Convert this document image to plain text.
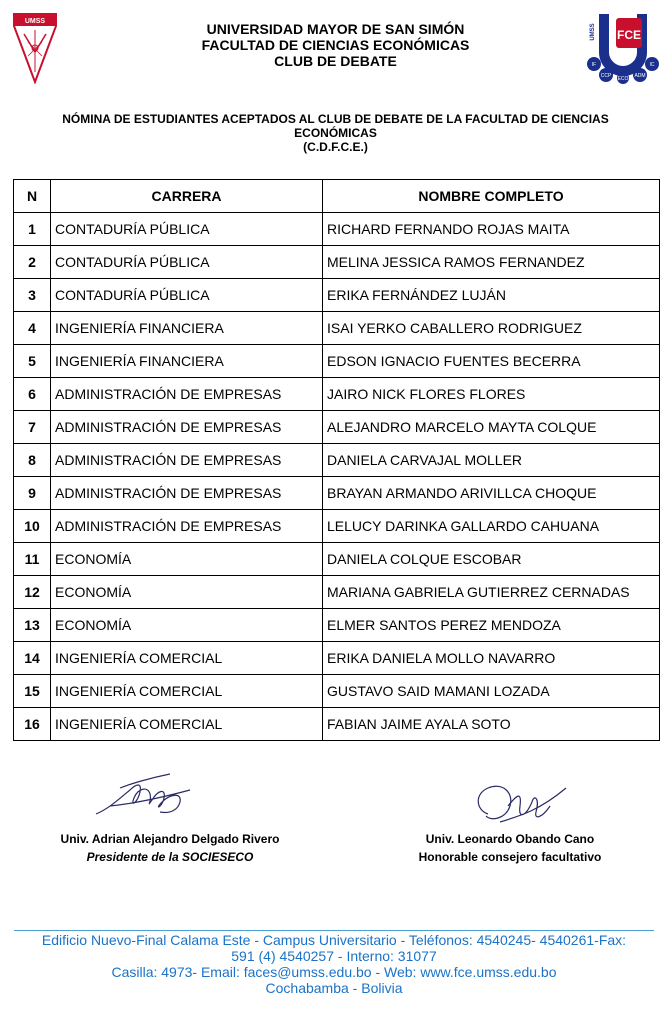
UMSS	UNIVERSIDAD MAYOR DE SAN SIMÓN
FACULTAD DE CIENCIAS ECONÓMICAS
CLUB DE DEBATE
FCE
UMSS
IF	IC
CCP	ADM
ECO
NÓMINA DE ESTUDIANTES ACEPTADOS AL CLUB DE DEBATE DE LA FACULTAD DE CIENCIAS
ECONÓMICAS
(C.D.F.C.E.)
N	CARRERA	NOMBRE COMPLETO
1	CONTADURÍA PÚBLICA	RICHARD FERNANDO ROJAS MAITA
2	CONTADURÍA PÚBLICA	MELINA JESSICA RAMOS FERNANDEZ
3	CONTADURÍA PÚBLICA	ERIKA FERNÁNDEZ LUJÁN
4	INGENIERÍA FINANCIERA	ISAI YERKO CABALLERO RODRIGUEZ
5	INGENIERÍA FINANCIERA	EDSON IGNACIO FUENTES BECERRA
6	ADMINISTRACIÓN DE EMPRESAS	JAIRO NICK FLORES FLORES
7	ADMINISTRACIÓN DE EMPRESAS	ALEJANDRO MARCELO MAYTA COLQUE
8	ADMINISTRACIÓN DE EMPRESAS	DANIELA CARVAJAL MOLLER
9	ADMINISTRACIÓN DE EMPRESAS	BRAYAN ARMANDO ARIVILLCA CHOQUE
10	ADMINISTRACIÓN DE EMPRESAS	LELUCY DARINKA GALLARDO CAHUANA
11	ECONOMÍA	DANIELA COLQUE ESCOBAR
12	ECONOMÍA	MARIANA GABRIELA GUTIERREZ CERNADAS
13	ECONOMÍA	ELMER SANTOS PEREZ MENDOZA
14	INGENIERÍA COMERCIAL	ERIKA DANIELA MOLLO NAVARRO
15	INGENIERÍA COMERCIAL	GUSTAVO SAID MAMANI LOZADA
16	INGENIERÍA COMERCIAL	FABIAN JAIME AYALA SOTO
Univ. Adrian Alejandro Delgado Rivero
Presidente de la SOCIESECO
Univ. Leonardo Obando Cano
Honorable consejero facultativo
Edificio Nuevo-Final Calama Este - Campus Universitario - Teléfonos: 4540245- 4540261-Fax:
591 (4) 4540257 - Interno: 31077
Casilla: 4973- Email: faces@umss.edu.bo - Web: www.fce.umss.edu.bo
Cochabamba - Bolivia
